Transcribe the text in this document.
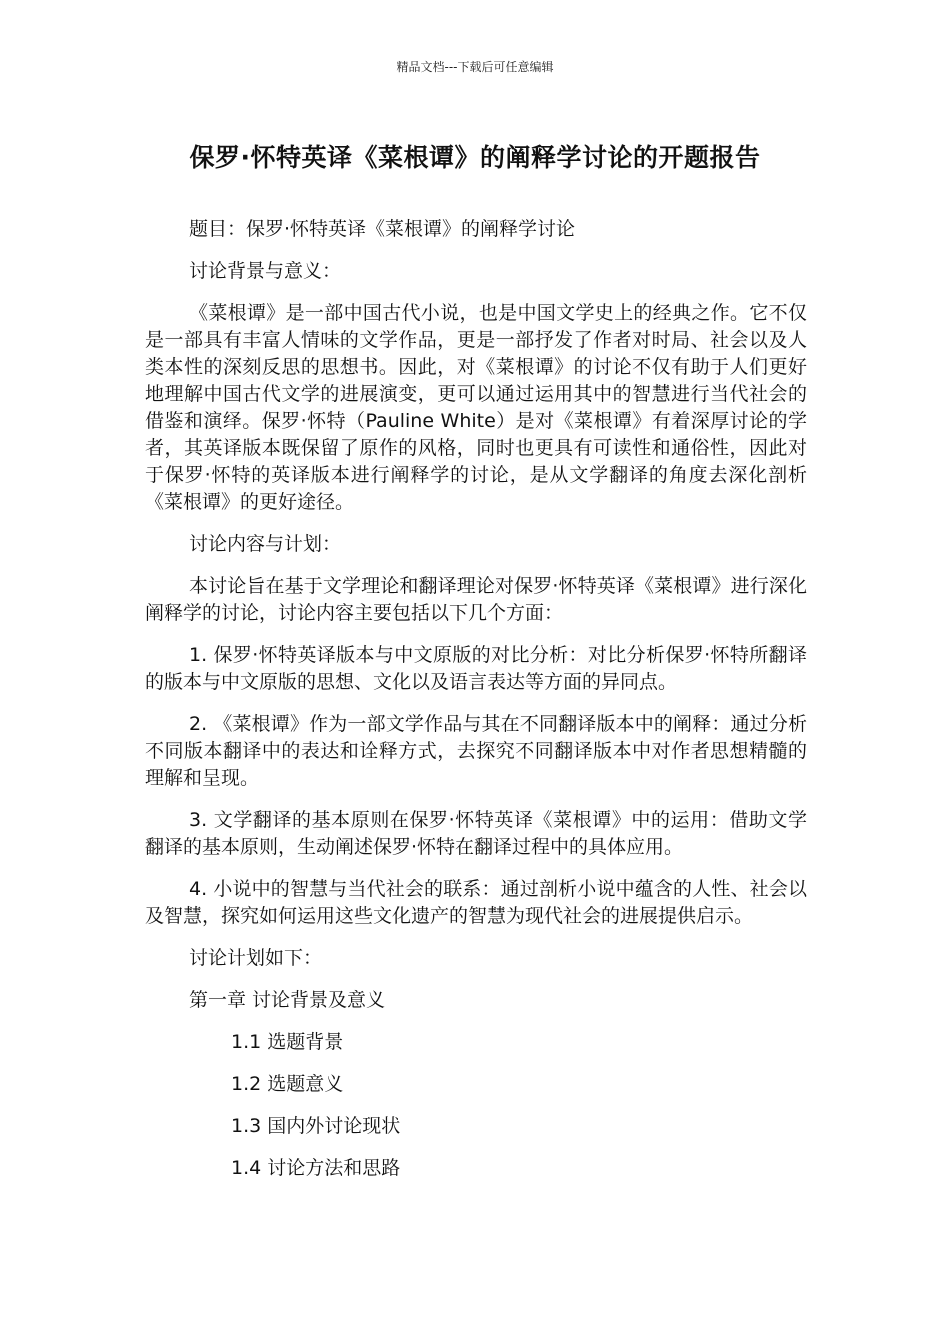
精品文档---下载后可任意编辑
保罗·怀特英译《菜根谭》的阐释学讨论的开题报告

题目：保罗·怀特英译《菜根谭》的阐释学讨论

讨论背景与意义：

《菜根谭》是一部中国古代小说，也是中国文学史上的经典之作。它不仅是一部具有丰富人情味的文学作品，更是一部抒发了作者对时局、社会以及人类本性的深刻反思的思想书。因此，对《菜根谭》的讨论不仅有助于人们更好地理解中国古代文学的进展演变，更可以通过运用其中的智慧进行当代社会的借鉴和演绎。保罗·怀特（Pauline White）是对《菜根谭》有着深厚讨论的学者，其英译版本既保留了原作的风格，同时也更具有可读性和通俗性，因此对于保罗·怀特的英译版本进行阐释学的讨论，是从文学翻译的角度去深化剖析《菜根谭》的更好途径。

讨论内容与计划：

本讨论旨在基于文学理论和翻译理论对保罗·怀特英译《菜根谭》进行深化阐释学的讨论，讨论内容主要包括以下几个方面：

1. 保罗·怀特英译版本与中文原版的对比分析：对比分析保罗·怀特所翻译的版本与中文原版的思想、文化以及语言表达等方面的异同点。

2. 《菜根谭》作为一部文学作品与其在不同翻译版本中的阐释：通过分析不同版本翻译中的表达和诠释方式，去探究不同翻译版本中对作者思想精髓的理解和呈现。

3. 文学翻译的基本原则在保罗·怀特英译《菜根谭》中的运用：借助文学翻译的基本原则，生动阐述保罗·怀特在翻译过程中的具体应用。

4. 小说中的智慧与当代社会的联系：通过剖析小说中蕴含的人性、社会以及智慧，探究如何运用这些文化遗产的智慧为现代社会的进展提供启示。

讨论计划如下：

第一章 讨论背景及意义

1.1 选题背景

1.2 选题意义

1.3 国内外讨论现状

1.4 讨论方法和思路
